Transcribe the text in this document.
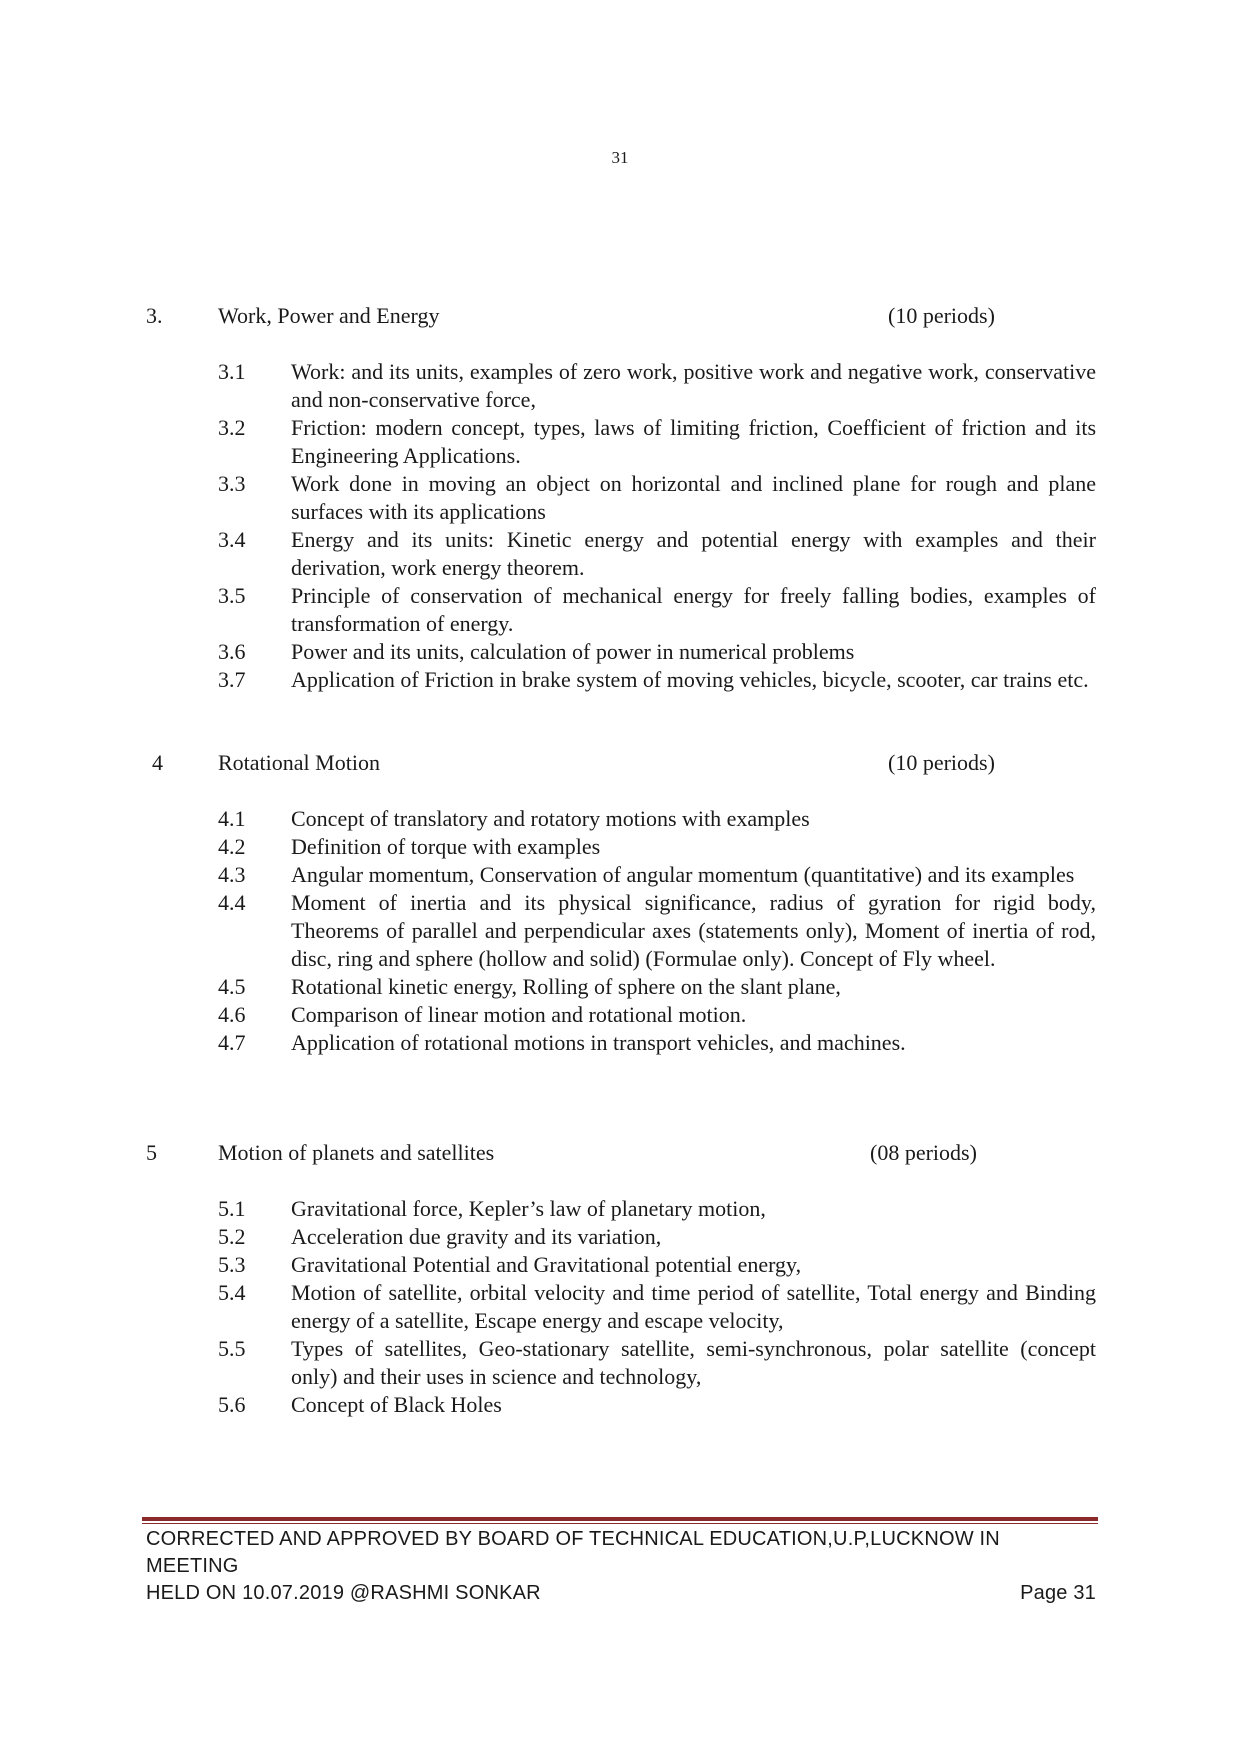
31
3.	Work, Power and Energy	(10 periods)
3.1 Work: and its units, examples of zero work, positive work and negative work, conservative and non-conservative force,
3.2 Friction: modern concept, types, laws of limiting friction, Coefficient of friction and its Engineering Applications.
3.3 Work done in moving an object on horizontal and inclined plane for rough and plane surfaces with its applications
3.4 Energy and its units: Kinetic energy and potential energy with examples and their derivation, work energy theorem.
3.5 Principle of conservation of mechanical energy for freely falling bodies, examples of transformation of energy.
3.6 Power and its units, calculation of power in numerical problems
3.7 Application of Friction in brake system of moving vehicles, bicycle, scooter, car trains etc.
4	Rotational Motion	(10 periods)
4.1 Concept of translatory and rotatory motions with examples
4.2 Definition of torque with examples
4.3 Angular momentum, Conservation of angular momentum (quantitative) and its examples
4.4 Moment of inertia and its physical significance, radius of gyration for rigid body, Theorems of parallel and perpendicular axes (statements only), Moment of inertia of rod, disc, ring and sphere (hollow and solid) (Formulae only). Concept of Fly wheel.
4.5 Rotational kinetic energy, Rolling of sphere on the slant plane,
4.6 Comparison of linear motion and rotational motion.
4.7 Application of rotational motions in transport vehicles, and machines.
5	Motion of planets and satellites	(08 periods)
5.1 Gravitational force, Kepler’s law of planetary motion,
5.2 Acceleration due gravity and its variation,
5.3 Gravitational Potential and Gravitational potential energy,
5.4 Motion of satellite, orbital velocity and time period of satellite, Total energy and Binding energy of a satellite, Escape energy and escape velocity,
5.5 Types of satellites, Geo-stationary satellite, semi-synchronous, polar satellite (concept only) and their uses in science and technology,
5.6 Concept of Black Holes
CORRECTED AND APPROVED BY BOARD OF TECHNICAL EDUCATION,U.P,LUCKNOW IN MEETING
HELD ON 10.07.2019 @RASHMI SONKAR	Page 31
